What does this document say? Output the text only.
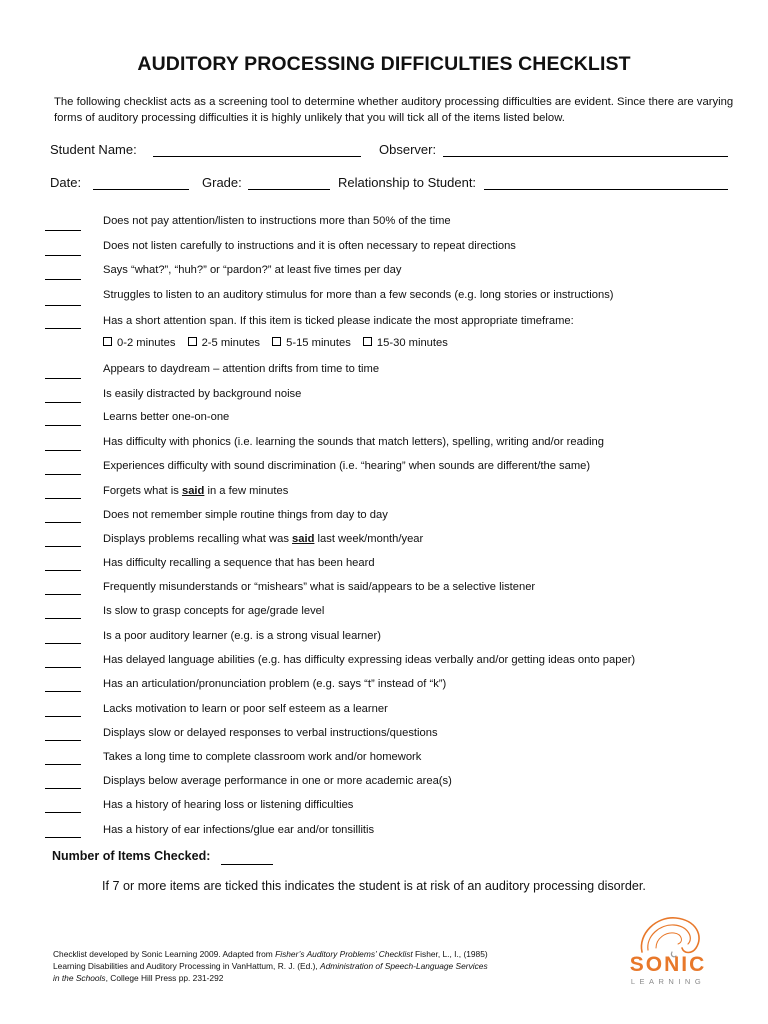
AUDITORY PROCESSING DIFFICULTIES CHECKLIST
The following checklist acts as a screening tool to determine whether auditory processing difficulties are evident. Since there are varying forms of auditory processing difficulties it is highly unlikely that you will tick all of the items listed below.
Student Name:	Observer:
Date:	Grade:	Relationship to Student:
Does not pay attention/listen to instructions more than 50% of the time
Does not listen carefully to instructions and it is often necessary to repeat directions
Says “what?”, “huh?” or “pardon?” at least five times per day
Struggles to listen to an auditory stimulus for more than a few seconds (e.g. long stories or instructions)
Has a short attention span. If this item is ticked please indicate the most appropriate timeframe:
Appears to daydream – attention drifts from time to time
Is easily distracted by background noise
Learns better one-on-one
Has difficulty with phonics (i.e. learning the sounds that match letters), spelling, writing and/or reading
Experiences difficulty with sound discrimination (i.e. “hearing” when sounds are different/the same)
Forgets what is said in a few minutes
Does not remember simple routine things from day to day
Displays problems recalling what was said last week/month/year
Has difficulty recalling a sequence that has been heard
Frequently misunderstands or “mishears” what is said/appears to be a selective listener
Is slow to grasp concepts for age/grade level
Is a poor auditory learner (e.g. is a strong visual learner)
Has delayed language abilities (e.g. has difficulty expressing ideas verbally and/or getting ideas onto paper)
Has an articulation/pronunciation problem (e.g. says “t” instead of “k”)
Lacks motivation to learn or poor self esteem as a learner
Displays slow or delayed responses to verbal instructions/questions
Takes a long time to complete classroom work and/or homework
Displays below average performance in one or more academic area(s)
Has a history of hearing loss or listening difficulties
Has a history of ear infections/glue ear and/or tonsillitis
0-2 minutes 2-5 minutes 5-15 minutes 15-30 minutes
Number of Items Checked:
If 7 or more items are ticked this indicates the student is at risk of an auditory processing disorder.
Checklist developed by Sonic Learning 2009. Adapted from Fisher’s Auditory Problems’ Checklist Fisher, L., I., (1985)
Learning Disabilities and Auditory Processing in VanHattum, R. J. (Ed.), Administration of Speech-Language Services
in the Schools, College Hill Press pp. 231-292
SONIC
LEARNING
